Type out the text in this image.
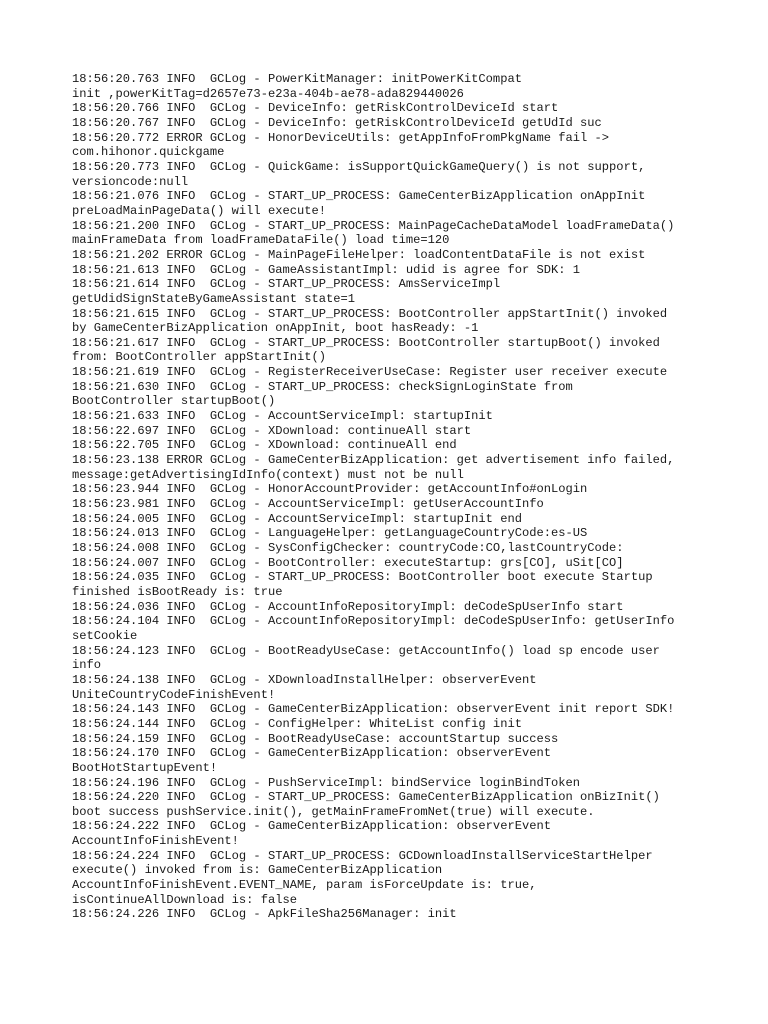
18:56:20.763 INFO  GCLog - PowerKitManager: initPowerKitCompat
init ,powerKitTag=d2657e73-e23a-404b-ae78-ada829440026
18:56:20.766 INFO  GCLog - DeviceInfo: getRiskControlDeviceId start
18:56:20.767 INFO  GCLog - DeviceInfo: getRiskControlDeviceId getUdId suc
18:56:20.772 ERROR GCLog - HonorDeviceUtils: getAppInfoFromPkgName fail ->
com.hihonor.quickgame
18:56:20.773 INFO  GCLog - QuickGame: isSupportQuickGameQuery() is not support,
versioncode:null
18:56:21.076 INFO  GCLog - START_UP_PROCESS: GameCenterBizApplication onAppInit
preLoadMainPageData() will execute!
18:56:21.200 INFO  GCLog - START_UP_PROCESS: MainPageCacheDataModel loadFrameData()
mainFrameData from loadFrameDataFile() load time=120
18:56:21.202 ERROR GCLog - MainPageFileHelper: loadContentDataFile is not exist
18:56:21.613 INFO  GCLog - GameAssistantImpl: udid is agree for SDK: 1
18:56:21.614 INFO  GCLog - START_UP_PROCESS: AmsServiceImpl
getUdidSignStateByGameAssistant state=1
18:56:21.615 INFO  GCLog - START_UP_PROCESS: BootController appStartInit() invoked
by GameCenterBizApplication onAppInit, boot hasReady: -1
18:56:21.617 INFO  GCLog - START_UP_PROCESS: BootController startupBoot() invoked
from: BootController appStartInit()
18:56:21.619 INFO  GCLog - RegisterReceiverUseCase: Register user receiver execute
18:56:21.630 INFO  GCLog - START_UP_PROCESS: checkSignLoginState from
BootController startupBoot()
18:56:21.633 INFO  GCLog - AccountServiceImpl: startupInit
18:56:22.697 INFO  GCLog - XDownload: continueAll start
18:56:22.705 INFO  GCLog - XDownload: continueAll end
18:56:23.138 ERROR GCLog - GameCenterBizApplication: get advertisement info failed,
message:getAdvertisingIdInfo(context) must not be null
18:56:23.944 INFO  GCLog - HonorAccountProvider: getAccountInfo#onLogin
18:56:23.981 INFO  GCLog - AccountServiceImpl: getUserAccountInfo
18:56:24.005 INFO  GCLog - AccountServiceImpl: startupInit end
18:56:24.013 INFO  GCLog - LanguageHelper: getLanguageCountryCode:es-US
18:56:24.008 INFO  GCLog - SysConfigChecker: countryCode:CO,lastCountryCode:
18:56:24.007 INFO  GCLog - BootController: executeStartup: grs[CO], uSit[CO]
18:56:24.035 INFO  GCLog - START_UP_PROCESS: BootController boot execute Startup
finished isBootReady is: true
18:56:24.036 INFO  GCLog - AccountInfoRepositoryImpl: deCodeSpUserInfo start
18:56:24.104 INFO  GCLog - AccountInfoRepositoryImpl: deCodeSpUserInfo: getUserInfo
setCookie
18:56:24.123 INFO  GCLog - BootReadyUseCase: getAccountInfo() load sp encode user
info
18:56:24.138 INFO  GCLog - XDownloadInstallHelper: observerEvent
UniteCountryCodeFinishEvent!
18:56:24.143 INFO  GCLog - GameCenterBizApplication: observerEvent init report SDK!
18:56:24.144 INFO  GCLog - ConfigHelper: WhiteList config init
18:56:24.159 INFO  GCLog - BootReadyUseCase: accountStartup success
18:56:24.170 INFO  GCLog - GameCenterBizApplication: observerEvent
BootHotStartupEvent!
18:56:24.196 INFO  GCLog - PushServiceImpl: bindService loginBindToken
18:56:24.220 INFO  GCLog - START_UP_PROCESS: GameCenterBizApplication onBizInit()
boot success pushService.init(), getMainFrameFromNet(true) will execute.
18:56:24.222 INFO  GCLog - GameCenterBizApplication: observerEvent
AccountInfoFinishEvent!
18:56:24.224 INFO  GCLog - START_UP_PROCESS: GCDownloadInstallServiceStartHelper
execute() invoked from is: GameCenterBizApplication
AccountInfoFinishEvent.EVENT_NAME, param isForceUpdate is: true,
isContinueAllDownload is: false
18:56:24.226 INFO  GCLog - ApkFileSha256Manager: init
